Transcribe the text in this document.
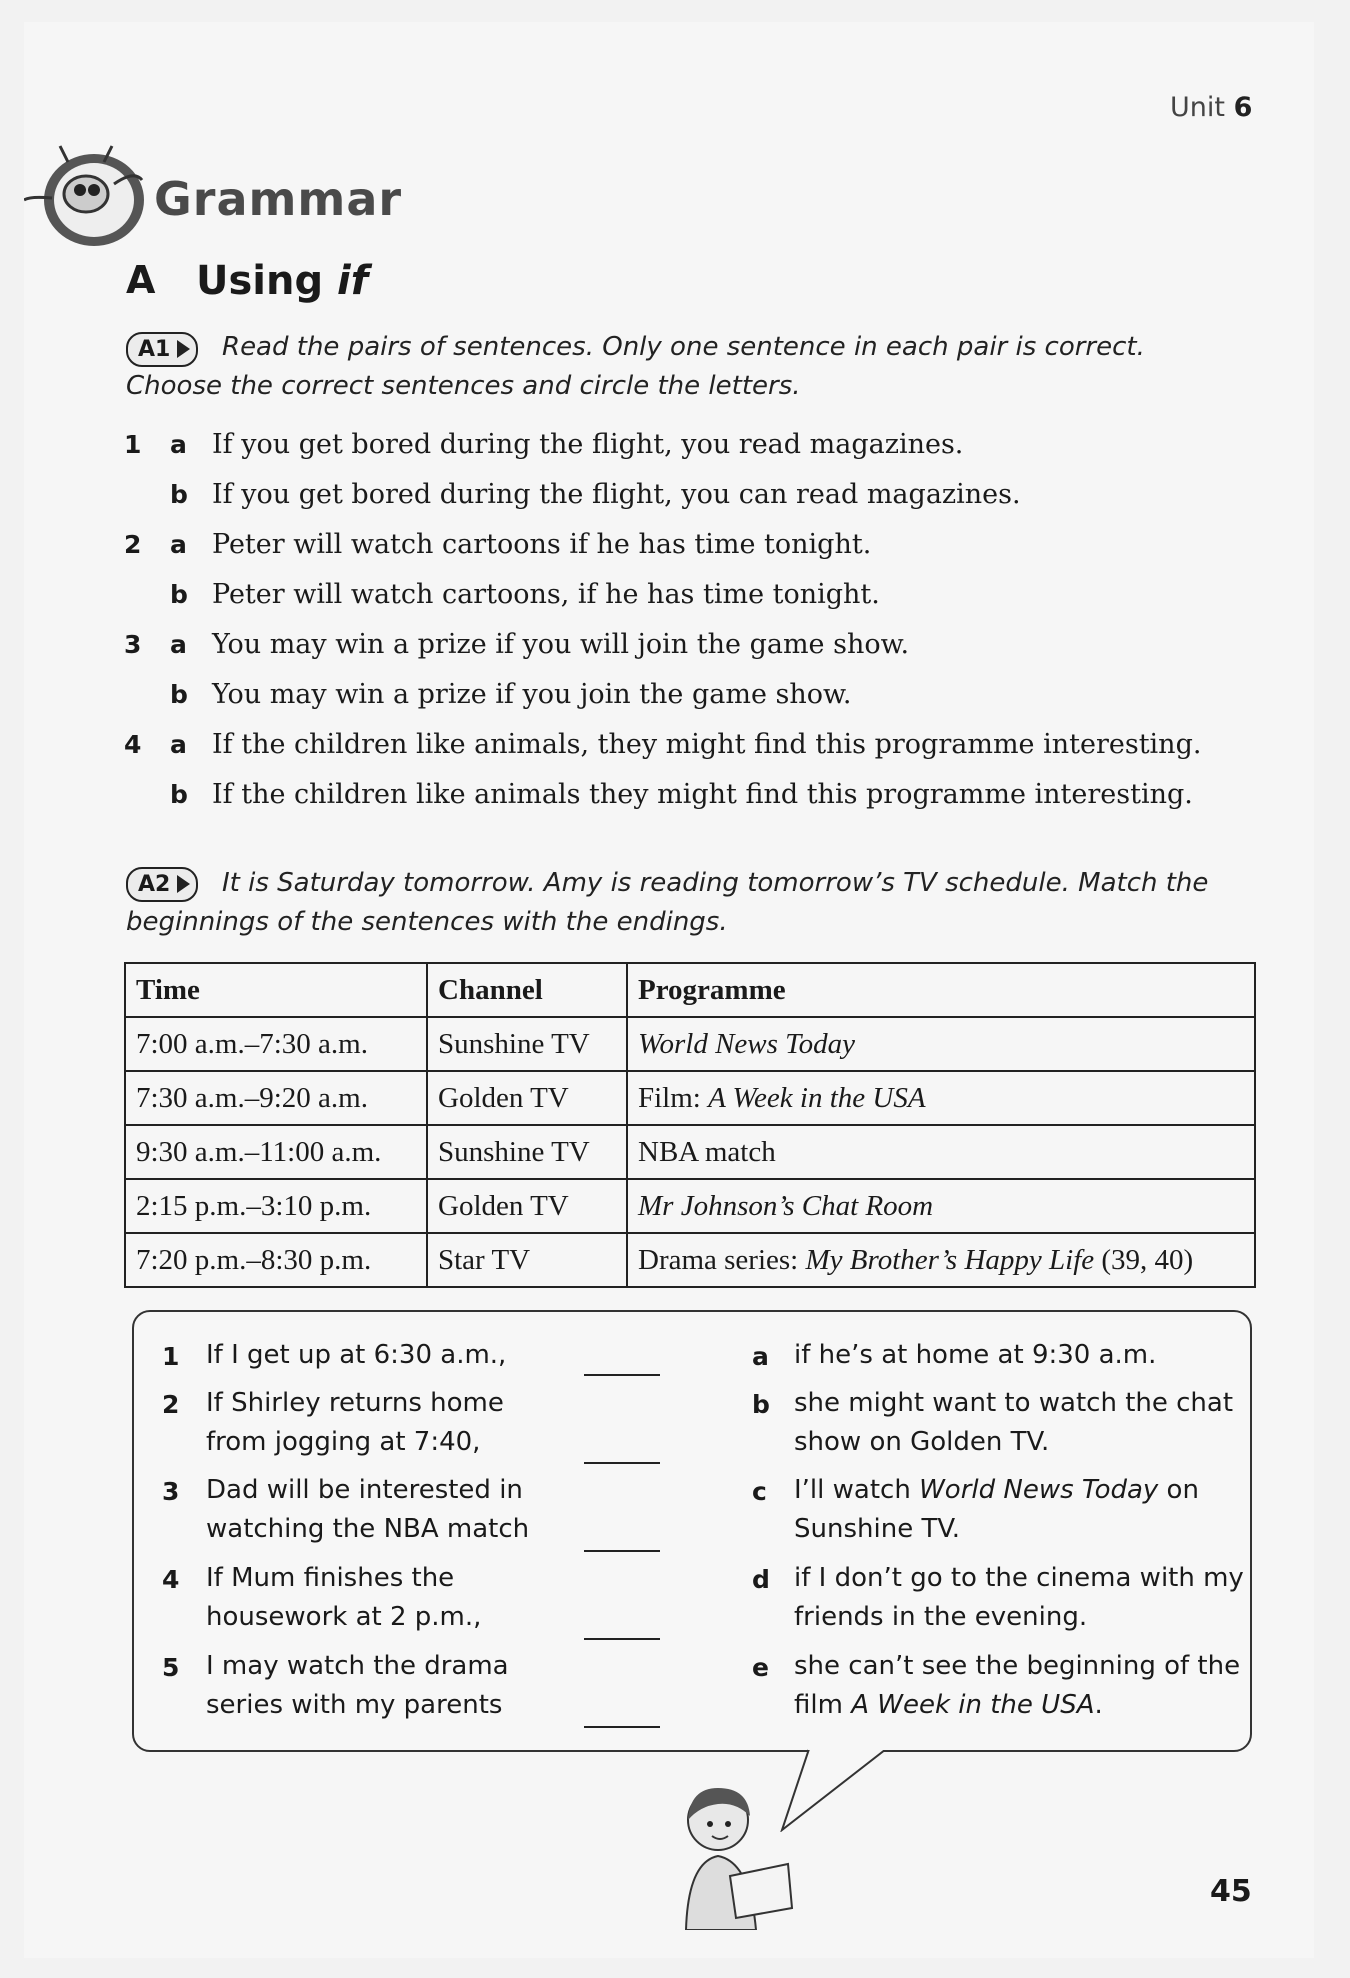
Unit 6
Grammar
A Using if
A1	Read the pairs of sentences. Only one sentence in each pair is correct. Choose the correct sentences and circle the letters.
1 a If you get bored during the flight, you read magazines.
b If you get bored during the flight, you can read magazines.
2 a Peter will watch cartoons if he has time tonight.
b Peter will watch cartoons, if he has time tonight.
3 a You may win a prize if you will join the game show.
b You may win a prize if you join the game show.
4 a If the children like animals, they might find this programme interesting.
b If the children like animals they might find this programme interesting.
A2	It is Saturday tomorrow. Amy is reading tomorrow’s TV schedule. Match the beginnings of the sentences with the endings.
Time	Channel	Programme
7:00 a.m.–7:30 a.m.	Sunshine TV	World News Today
7:30 a.m.–9:20 a.m.	Golden TV	Film: A Week in the USA
9:30 a.m.–11:00 a.m.	Sunshine TV	NBA match
2:15 p.m.–3:10 p.m.	Golden TV	Mr Johnson’s Chat Room
7:20 p.m.–8:30 p.m.	Star TV	Drama series: My Brother’s Happy Life (39, 40)
1 If I get up at 6:30 a.m.,
2 If Shirley returns home
from jogging at 7:40,
3 Dad will be interested in
watching the NBA match
4 If Mum finishes the
housework at 2 p.m.,
5 I may watch the drama
series with my parents
a if he’s at home at 9:30 a.m.
b she might want to watch the chat
show on Golden TV.
c I’ll watch World News Today on
Sunshine TV.
d if I don’t go to the cinema with my
friends in the evening.
e she can’t see the beginning of the
film A Week in the USA.
45
